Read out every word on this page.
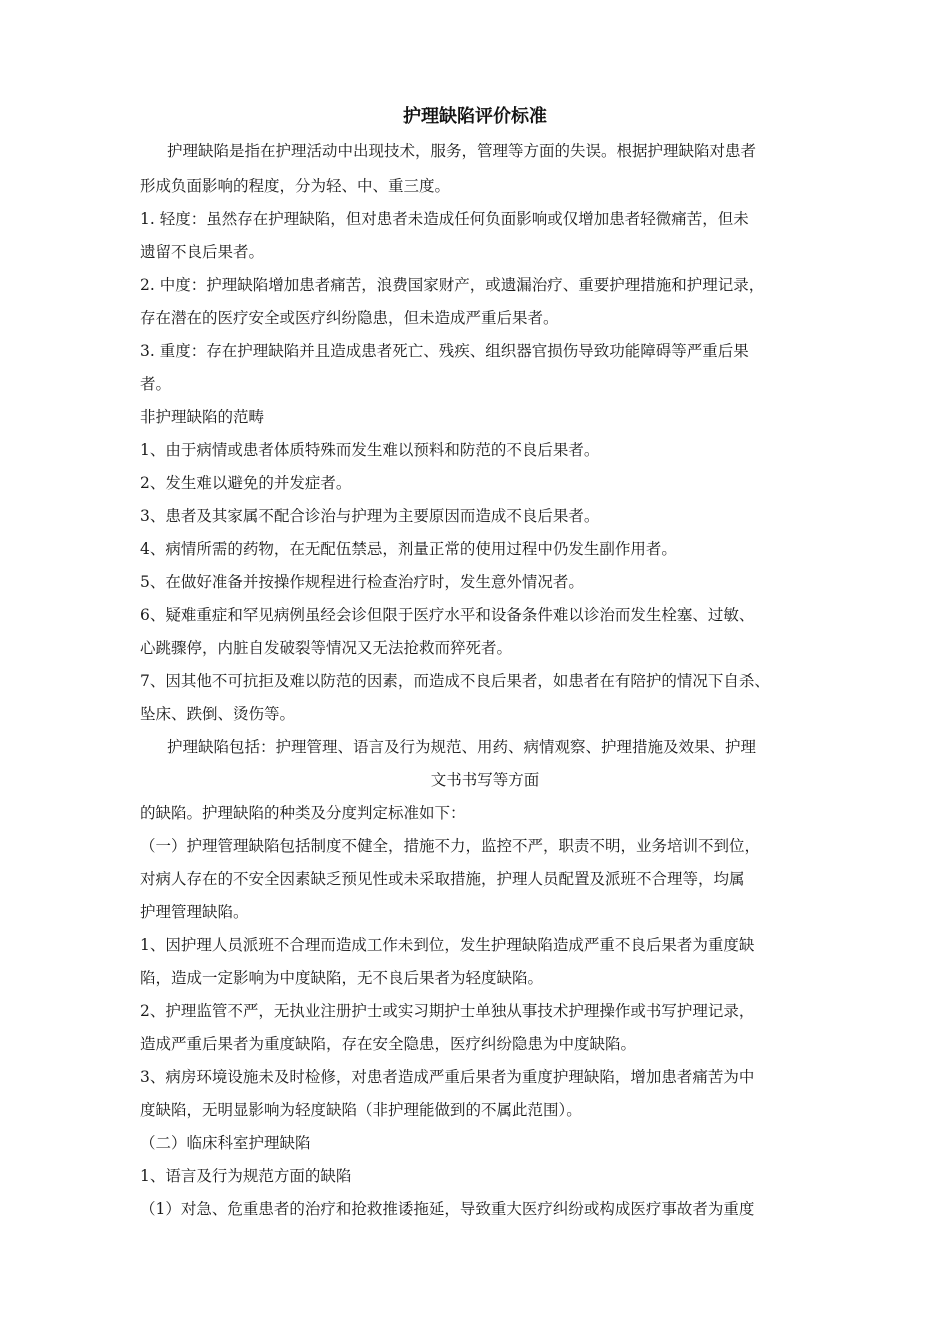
护理缺陷评价标准

护理缺陷是指在护理活动中出现技术，服务，管理等方面的失误。根据护理缺陷对患者

形成负面影响的程度，分为轻、中、重三度。

1. 轻度：虽然存在护理缺陷，但对患者未造成任何负面影响或仅增加患者轻微痛苦，但未

遗留不良后果者。

2. 中度：护理缺陷增加患者痛苦，浪费国家财产，或遗漏治疗、重要护理措施和护理记录，

存在潜在的医疗安全或医疗纠纷隐患，但未造成严重后果者。

3. 重度：存在护理缺陷并且造成患者死亡、残疾、组织器官损伤导致功能障碍等严重后果

者。

非护理缺陷的范畴

1、由于病情或患者体质特殊而发生难以预料和防范的不良后果者。

2、发生难以避免的并发症者。

3、患者及其家属不配合诊治与护理为主要原因而造成不良后果者。

4、病情所需的药物，在无配伍禁忌，剂量正常的使用过程中仍发生副作用者。

5、在做好准备并按操作规程进行检查治疗时，发生意外情况者。

6、疑难重症和罕见病例虽经会诊但限于医疗水平和设备条件难以诊治而发生栓塞、过敏、

心跳骤停，内脏自发破裂等情况又无法抢救而猝死者。

7、因其他不可抗拒及难以防范的因素，而造成不良后果者，如患者在有陪护的情况下自杀、

坠床、跌倒、烫伤等。

护理缺陷包括：护理管理、语言及行为规范、用药、病情观察、护理措施及效果、护理

文书书写等方面

的缺陷。护理缺陷的种类及分度判定标准如下：

（一）护理管理缺陷包括制度不健全，措施不力，监控不严，职责不明，业务培训不到位，

对病人存在的不安全因素缺乏预见性或未采取措施，护理人员配置及派班不合理等，均属

护理管理缺陷。

1、因护理人员派班不合理而造成工作未到位，发生护理缺陷造成严重不良后果者为重度缺

陷，造成一定影响为中度缺陷，无不良后果者为轻度缺陷。

2、护理监管不严，无执业注册护士或实习期护士单独从事技术护理操作或书写护理记录，

造成严重后果者为重度缺陷，存在安全隐患，医疗纠纷隐患为中度缺陷。

3、病房环境设施未及时检修，对患者造成严重后果者为重度护理缺陷，增加患者痛苦为中

度缺陷，无明显影响为轻度缺陷（非护理能做到的不属此范围）。

（二）临床科室护理缺陷

1、语言及行为规范方面的缺陷

（1）对急、危重患者的治疗和抢救推诿拖延，导致重大医疗纠纷或构成医疗事故者为重度
